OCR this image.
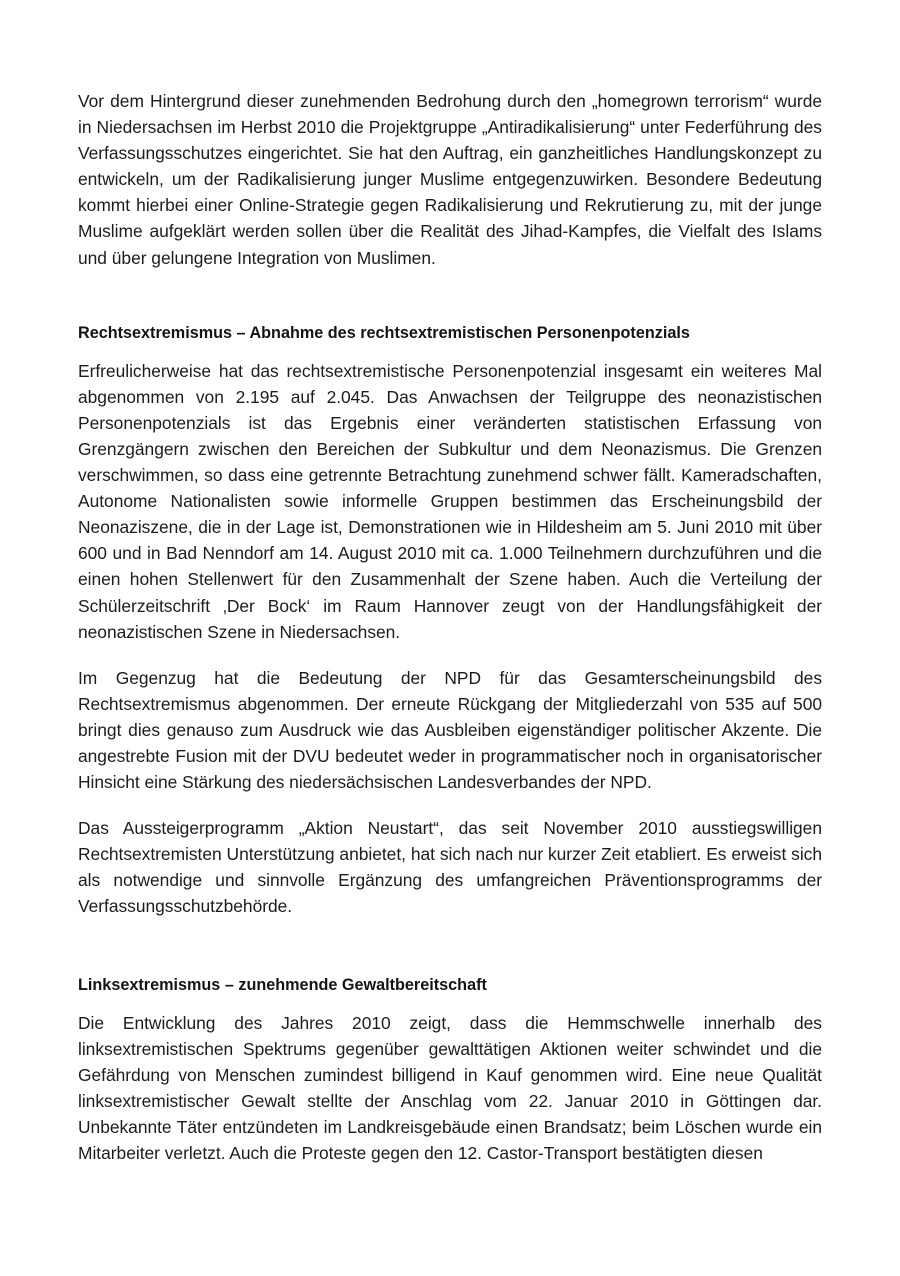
Vor dem Hintergrund dieser zunehmenden Bedrohung durch den „homegrown terrorism“ wurde in Niedersachsen im Herbst 2010 die Projektgruppe „Antiradikalisierung“ unter Federführung des Verfassungsschutzes eingerichtet. Sie hat den Auftrag, ein ganzheitliches Handlungskonzept zu entwickeln, um der Radikalisierung junger Muslime entgegenzuwirken. Besondere Bedeutung kommt hierbei einer Online-Strategie gegen Radikalisierung und Rekrutierung zu, mit der junge Muslime aufgeklärt werden sollen über die Realität des Jihad-Kampfes, die Vielfalt des Islams und über gelungene Integration von Muslimen.

Rechtsextremismus – Abnahme des rechtsextremistischen Personenpotenzials

Erfreulicherweise hat das rechtsextremistische Personenpotenzial insgesamt ein weiteres Mal abgenommen von 2.195 auf 2.045. Das Anwachsen der Teilgruppe des neonazistischen Personenpotenzials ist das Ergebnis einer veränderten statistischen Erfassung von Grenzgängern zwischen den Bereichen der Subkultur und dem Neonazismus. Die Grenzen verschwimmen, so dass eine getrennte Betrachtung zunehmend schwer fällt. Kameradschaften, Autonome Nationalisten sowie informelle Gruppen bestimmen das Erscheinungsbild der Neonaziszene, die in der Lage ist, Demonstrationen wie in Hildesheim am 5. Juni 2010 mit über 600 und in Bad Nenndorf am 14. August 2010 mit ca. 1.000 Teilnehmern durchzuführen und die einen hohen Stellenwert für den Zusammenhalt der Szene haben. Auch die Verteilung der Schülerzeitschrift ‚Der Bock‘ im Raum Hannover zeugt von der Handlungsfähigkeit der neonazistischen Szene in Niedersachsen.

Im Gegenzug hat die Bedeutung der NPD für das Gesamterscheinungsbild des Rechtsextremismus abgenommen. Der erneute Rückgang der Mitgliederzahl von 535 auf 500 bringt dies genauso zum Ausdruck wie das Ausbleiben eigenständiger politischer Akzente. Die angestrebte Fusion mit der DVU bedeutet weder in programmatischer noch in organisatorischer Hinsicht eine Stärkung des niedersächsischen Landesverbandes der NPD.

Das Aussteigerprogramm „Aktion Neustart“, das seit November 2010 ausstiegswilligen Rechtsextremisten Unterstützung anbietet, hat sich nach nur kurzer Zeit etabliert. Es erweist sich als notwendige und sinnvolle Ergänzung des umfangreichen Präventionsprogramms der Verfassungsschutzbehörde.

Linksextremismus – zunehmende Gewaltbereitschaft

Die Entwicklung des Jahres 2010 zeigt, dass die Hemmschwelle innerhalb des linksextremistischen Spektrums gegenüber gewalttätigen Aktionen weiter schwindet und die Gefährdung von Menschen zumindest billigend in Kauf genommen wird. Eine neue Qualität linksextremistischer Gewalt stellte der Anschlag vom 22. Januar 2010 in Göttingen dar. Unbekannte Täter entzündeten im Landkreisgebäude einen Brandsatz; beim Löschen wurde ein Mitarbeiter verletzt. Auch die Proteste gegen den 12. Castor-Transport bestätigten diesen
